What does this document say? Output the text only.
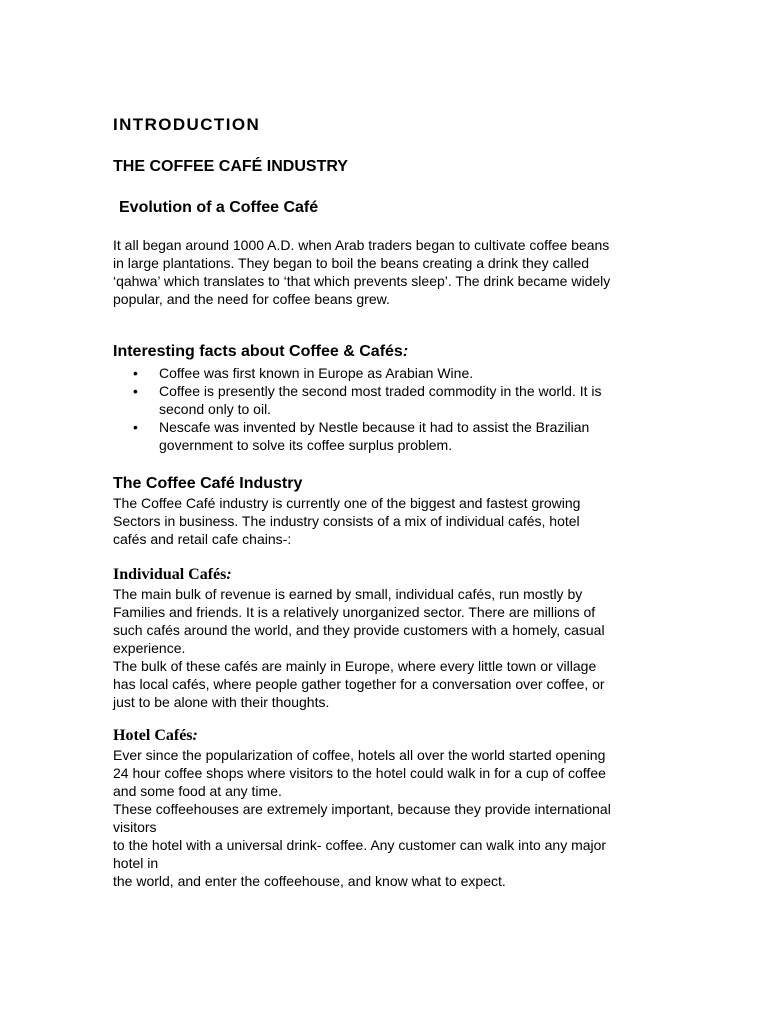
INTRODUCTION
THE COFFEE CAFÉ INDUSTRY
Evolution of a Coffee Café
It all began around 1000 A.D. when Arab traders began to cultivate coffee beans
in large plantations. They began to boil the beans creating a drink they called
‘qahwa’ which translates to ‘that which prevents sleep’. The drink became widely
popular, and the need for coffee beans grew.
Interesting facts about Coffee & Cafés:
• Coffee was first known in Europe as Arabian Wine.
• Coffee is presently the second most traded commodity in the world. It is
second only to oil.
• Nescafe was invented by Nestle because it had to assist the Brazilian
government to solve its coffee surplus problem.
The Coffee Café Industry
The Coffee Café industry is currently one of the biggest and fastest growing
Sectors in business. The industry consists of a mix of individual cafés, hotel
cafés and retail cafe chains-:
Individual Cafés:
The main bulk of revenue is earned by small, individual cafés, run mostly by
Families and friends. It is a relatively unorganized sector. There are millions of
such cafés around the world, and they provide customers with a homely, casual
experience.
The bulk of these cafés are mainly in Europe, where every little town or village
has local cafés, where people gather together for a conversation over coffee, or
just to be alone with their thoughts.
Hotel Cafés:
Ever since the popularization of coffee, hotels all over the world started opening
24 hour coffee shops where visitors to the hotel could walk in for a cup of coffee
and some food at any time.
These coffeehouses are extremely important, because they provide international
visitors
to the hotel with a universal drink- coffee. Any customer can walk into any major
hotel in
the world, and enter the coffeehouse, and know what to expect.
